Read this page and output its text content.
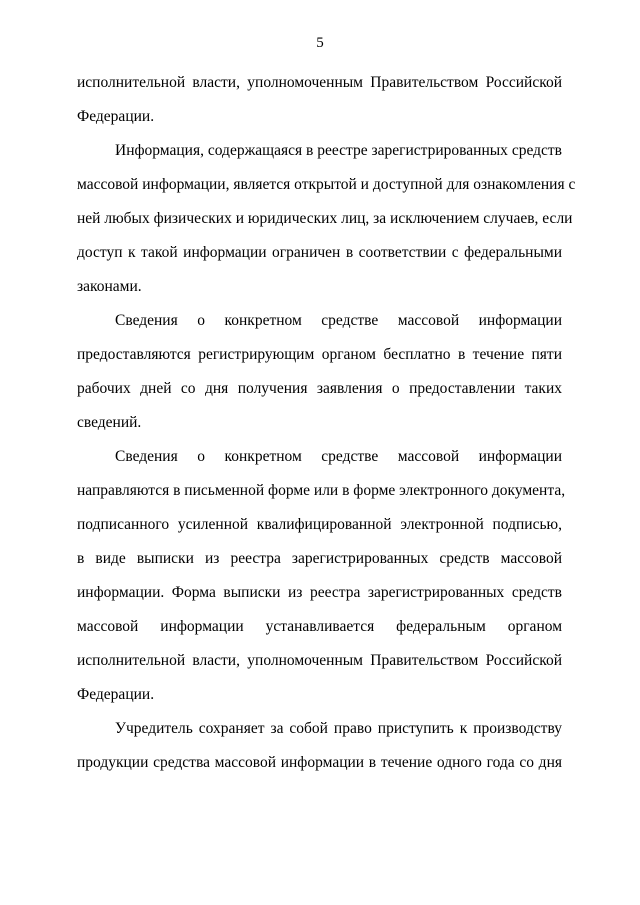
5

исполнительной власти, уполномоченным Правительством Российской
Федерации.

Информация, содержащаяся в реестре зарегистрированных средств
массовой информации, является открытой и доступной для ознакомления с
ней любых физических и юридических лиц, за исключением случаев, если
доступ к такой информации ограничен в соответствии с федеральными
законами.

Сведения о конкретном средстве массовой информации
предоставляются регистрирующим органом бесплатно в течение пяти
рабочих дней со дня получения заявления о предоставлении таких
сведений.

Сведения о конкретном средстве массовой информации
направляются в письменной форме или в форме электронного документа,
подписанного усиленной квалифицированной электронной подписью,
в виде выписки из реестра зарегистрированных средств массовой
информации. Форма выписки из реестра зарегистрированных средств
массовой информации устанавливается федеральным органом
исполнительной власти, уполномоченным Правительством Российской
Федерации.

Учредитель сохраняет за собой право приступить к производству
продукции средства массовой информации в течение одного года со дня
